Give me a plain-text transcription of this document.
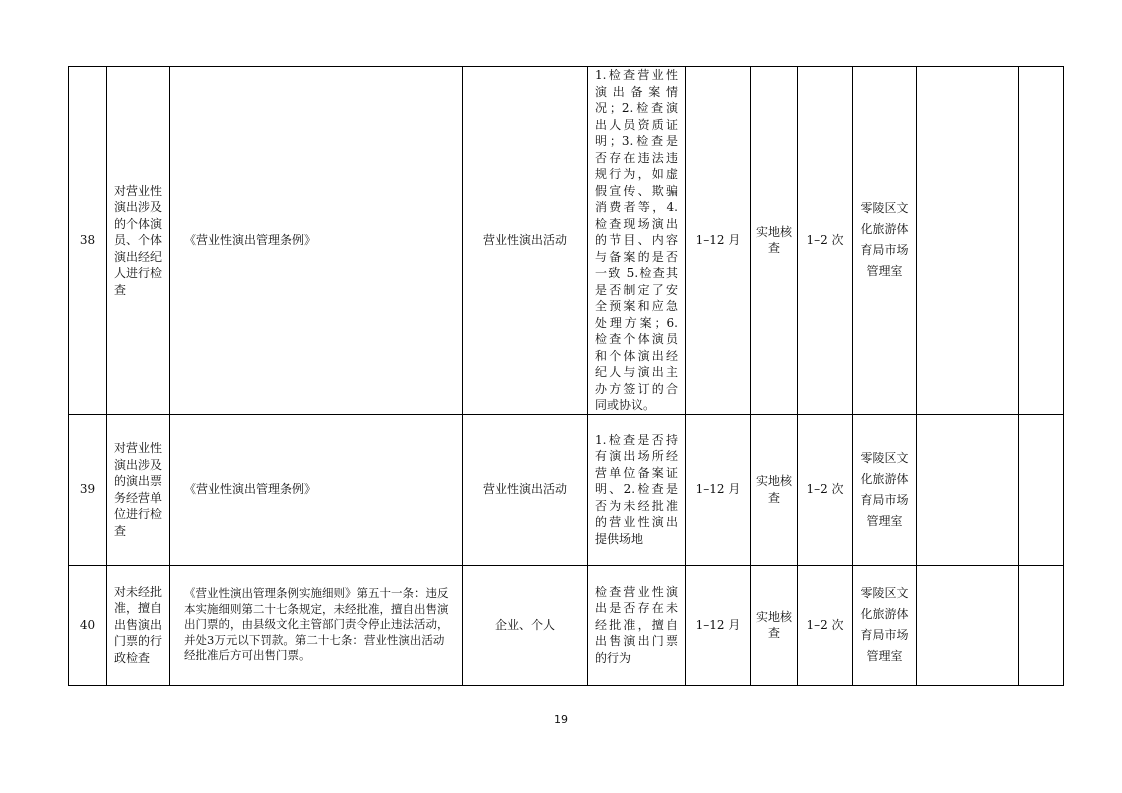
38	对营业性演出涉及的个体演员、个体演出经纪人进行检查	《营业性演出管理条例》	营业性演出活动	1.检查营业性演出备案情况；2.检查演出人员资质证明；3.检查是否存在违法违规行为，如虚假宣传、欺骗消费者等，4.检查现场演出的节目、内容与备案的是否一致 5.检查其是否制定了安全预案和应急处理方案；6.检查个体演员和个体演出经纪人与演出主办方签订的合同或协议。	1–12 月	实地核查	1–2 次	零陵区文化旅游体育局市场管理室		
39	对营业性演出涉及的演出票务经营单位进行检查	《营业性演出管理条例》	营业性演出活动	1.检查是否持有演出场所经营单位备案证明、2.检查是否为未经批准的营业性演出提供场地	1–12 月	实地核查	1–2 次	零陵区文化旅游体育局市场管理室		
40	对未经批准，擅自出售演出门票的行政检查	《营业性演出管理条例实施细则》第五十一条：违反本实施细则第二十七条规定，未经批准，擅自出售演出门票的，由县级文化主管部门责令停止违法活动，并处3万元以下罚款。第二十七条：营业性演出活动经批准后方可出售门票。	企业、个人	检查营业性演出是否存在未经批准，擅自出售演出门票的行为	1–12 月	实地核查	1–2 次	零陵区文化旅游体育局市场管理室		
19
